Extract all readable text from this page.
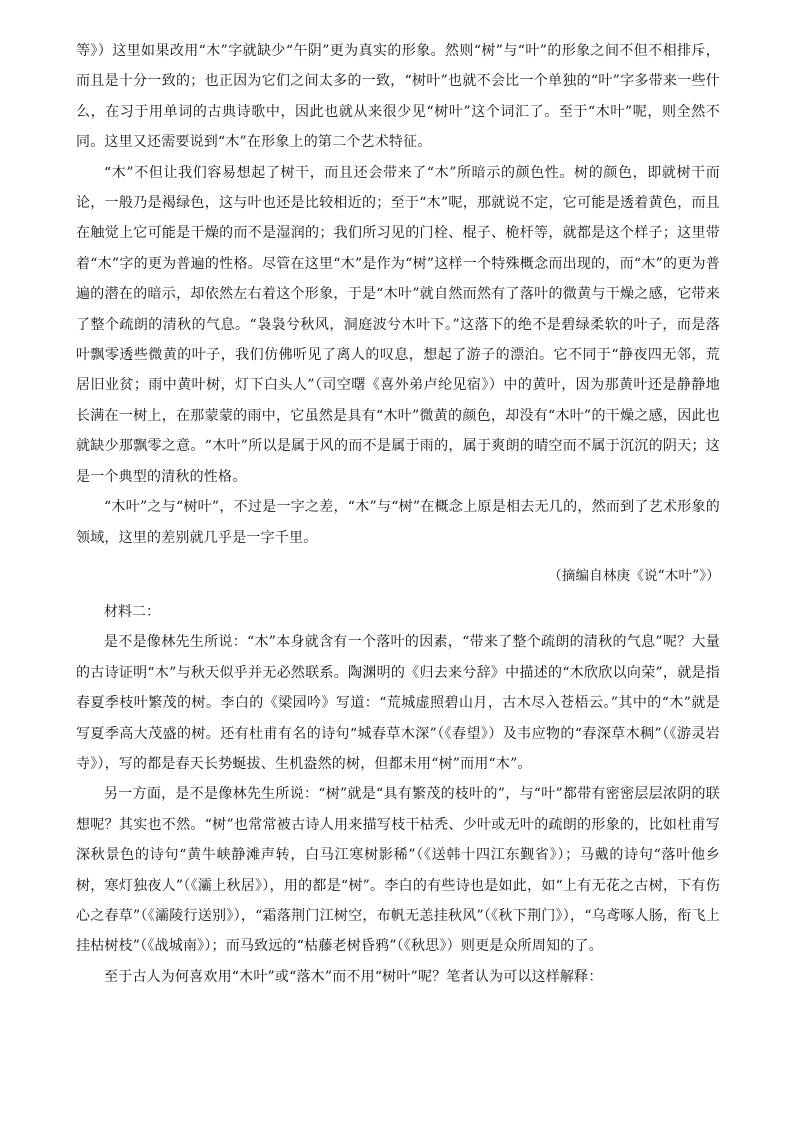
等》）这里如果改用“木”字就缺少“午阴”更为真实的形象。然则“树”与“叶”的形象之间不但不相排斥，而且是十分一致的；也正因为它们之间太多的一致，“树叶”也就不会比一个单独的“叶”字多带来一些什么，在习于用单词的古典诗歌中，因此也就从来很少见“树叶”这个词汇了。至于“木叶”呢，则全然不同。这里又还需要说到“木”在形象上的第二个艺术特征。

“木”不但让我们容易想起了树干，而且还会带来了“木”所暗示的颜色性。树的颜色，即就树干而论，一般乃是褐绿色，这与叶也还是比较相近的；至于“木”呢，那就说不定，它可能是透着黄色，而且在触觉上它可能是干燥的而不是湿润的；我们所习见的门栓、棍子、桅杆等，就都是这个样子；这里带着“木”字的更为普遍的性格。尽管在这里“木”是作为“树”这样一个特殊概念而出现的，而“木”的更为普遍的潜在的暗示，却依然左右着这个形象，于是“木叶”就自然而然有了落叶的微黄与干燥之感，它带来了整个疏朗的清秋的气息。“袅袅兮秋风，洞庭波兮木叶下。”这落下的绝不是碧绿柔软的叶子，而是落叶飘零透些微黄的叶子，我们仿佛听见了离人的叹息，想起了游子的漂泊。它不同于“静夜四无邻，荒居旧业贫；雨中黄叶树，灯下白头人”（司空曙《喜外弟卢纶见宿》）中的黄叶，因为那黄叶还是静静地长满在一树上，在那蒙蒙的雨中，它虽然是具有“木叶”微黄的颜色，却没有“木叶”的干燥之感，因此也就缺少那飘零之意。“木叶”所以是属于风的而不是属于雨的，属于爽朗的晴空而不属于沉沉的阴天；这是一个典型的清秋的性格。

“木叶”之与“树叶”，不过是一字之差，“木”与“树”在概念上原是相去无几的，然而到了艺术形象的领域，这里的差别就几乎是一字千里。

（摘编自林庚《说“木叶”》）

材料二：

是不是像林先生所说：“木”本身就含有一个落叶的因素，“带来了整个疏朗的清秋的气息”呢？大量的古诗证明“木”与秋天似乎并无必然联系。陶渊明的《归去来兮辞》中描述的“木欣欣以向荣”，就是指春夏季枝叶繁茂的树。李白的《梁园吟》写道：“荒城虚照碧山月，古木尽入苍梧云。”其中的“木”就是写夏季高大茂盛的树。还有杜甫有名的诗句“城春草木深”（《春望》）及韦应物的“春深草木稠”（《游灵岩寺》），写的都是春天长势蜒拔、生机盎然的树，但都未用“树”而用“木”。

另一方面，是不是像林先生所说：“树”就是“具有繁茂的枝叶的”，与“叶”都带有密密层层浓阴的联想呢？其实也不然。“树”也常常被古诗人用来描写枝干枯秃、少叶或无叶的疏朗的形象的，比如杜甫写深秋景色的诗句“黄牛峡静滩声转，白马江寒树影稀”（《送韩十四江东觐省》）；马戴的诗句“落叶他乡树，寒灯独夜人”（《灞上秋居》），用的都是“树”。李白的有些诗也是如此，如“上有无花之古树，下有伤心之春草”（《灞陵行送别》），“霜落荆门江树空，布帆无恙挂秋风”（《秋下荆门》），“乌鸢啄人肠，衔飞上挂枯树枝”（《战城南》）；而马致远的“枯藤老树昏鸦”（《秋思》）则更是众所周知的了。

至于古人为何喜欢用“木叶”或“落木”而不用“树叶”呢？笔者认为可以这样解释：
